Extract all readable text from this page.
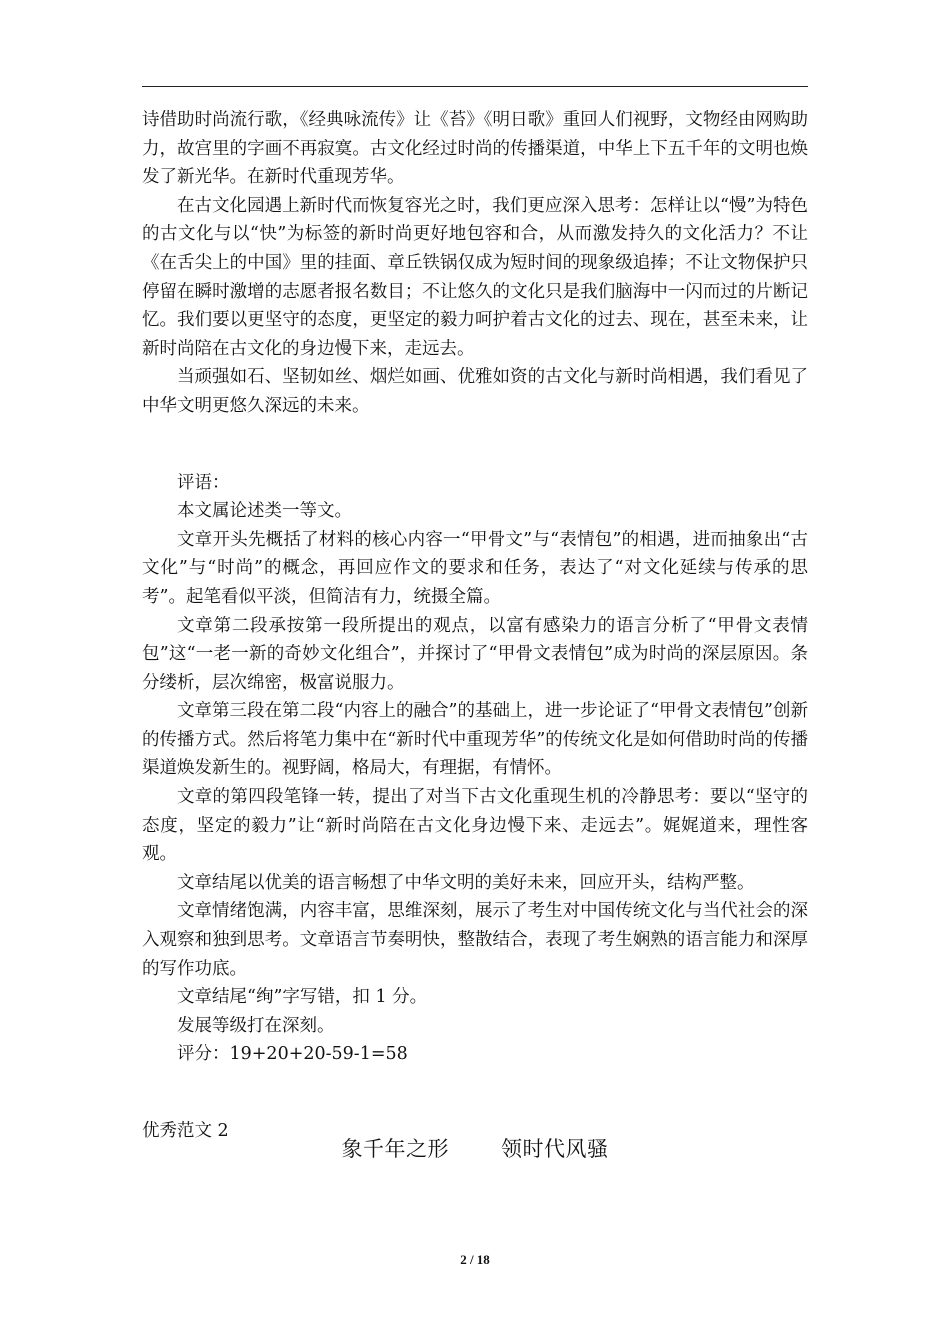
诗借助时尚流行歌，《经典咏流传》让《苔》《明日歌》重回人们视野，文物经由网购助力，故宫里的字画不再寂寞。古文化经过时尚的传播渠道，中华上下五千年的文明也焕发了新光华。在新时代重现芳华。

在古文化园遇上新时代而恢复容光之时，我们更应深入思考：怎样让以“慢”为特色的古文化与以“快”为标签的新时尚更好地包容和合，从而激发持久的文化活力？不让《在舌尖上的中国》里的挂面、章丘铁锅仅成为短时间的现象级追捧；不让文物保护只停留在瞬时激增的志愿者报名数目；不让悠久的文化只是我们脑海中一闪而过的片断记忆。我们要以更坚守的态度，更坚定的毅力呵护着古文化的过去、现在，甚至未来，让新时尚陪在古文化的身边慢下来，走远去。

当顽强如石、坚韧如丝、烟烂如画、优雅如资的古文化与新时尚相遇，我们看见了中华文明更悠久深远的未来。

评语：

本文属论述类一等文。

文章开头先概括了材料的核心内容一“甲骨文”与“表情包”的相遇，进而抽象出“古文化”与“时尚”的概念，再回应作文的要求和任务，表达了“对文化延续与传承的思考”。起笔看似平淡，但简洁有力，统摄全篇。

文章第二段承按第一段所提出的观点，以富有感染力的语言分析了“甲骨文表情包”这“一老一新的奇妙文化组合”，并探讨了“甲骨文表情包”成为时尚的深层原因。条分缕析，层次绵密，极富说服力。

文章第三段在第二段“内容上的融合”的基础上，进一步论证了“甲骨文表情包”创新的传播方式。然后将笔力集中在“新时代中重现芳华”的传统文化是如何借助时尚的传播渠道焕发新生的。视野阔，格局大，有理据，有情怀。

文章的第四段笔锋一转，提出了对当下古文化重现生机的冷静思考：要以“坚守的态度，坚定的毅力”让“新时尚陪在古文化身边慢下来、走远去”。娓娓道来，理性客观。

文章结尾以优美的语言畅想了中华文明的美好未来，回应开头，结构严整。

文章情绪饱满，内容丰富，思维深刻，展示了考生对中国传统文化与当代社会的深入观察和独到思考。文章语言节奏明快，整散结合，表现了考生娴熟的语言能力和深厚的写作功底。

文章结尾“绚”字写错，扣 1 分。

发展等级打在深刻。

评分：19+20+20-59-1=58

优秀范文 2

象千年之形 领时代风骚
2 / 18
